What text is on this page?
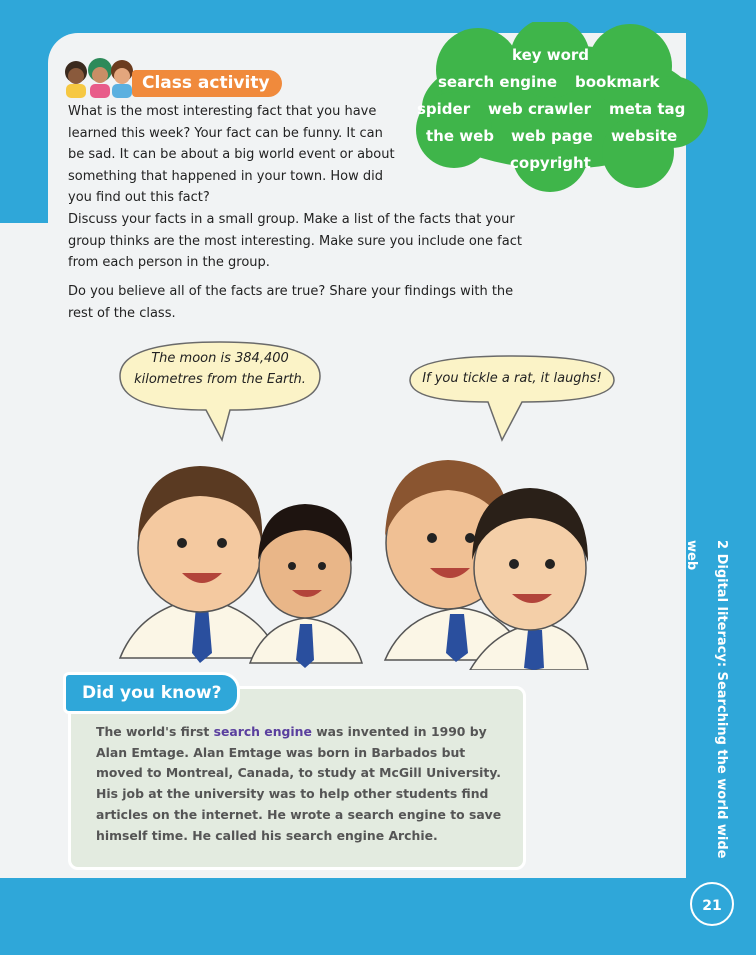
Class activity

What is the most interesting fact that you have learned this week? Your fact can be funny. It can be sad. It can be about a big world event or about something that happened in your town. How did you find out this fact?

Discuss your facts in a small group. Make a list of the facts that your group thinks are the most interesting. Make sure you include one fact from each person in the group.

Do you believe all of the facts are true? Share your findings with the rest of the class.

key word
search engine bookmark
spider web crawler meta tag
the web web page website
copyright
The moon is 384,400 kilometres from the Earth.	If you tickle a rat, it laughs!
Did you know?

The world's first search engine was invented in 1990 by Alan Emtage. Alan Emtage was born in Barbados but moved to Montreal, Canada, to study at McGill University. His job at the university was to help other students find articles on the internet. He wrote a search engine to save himself time. He called his search engine Archie.	2 Digital literacy: Searching the world wide web
21
